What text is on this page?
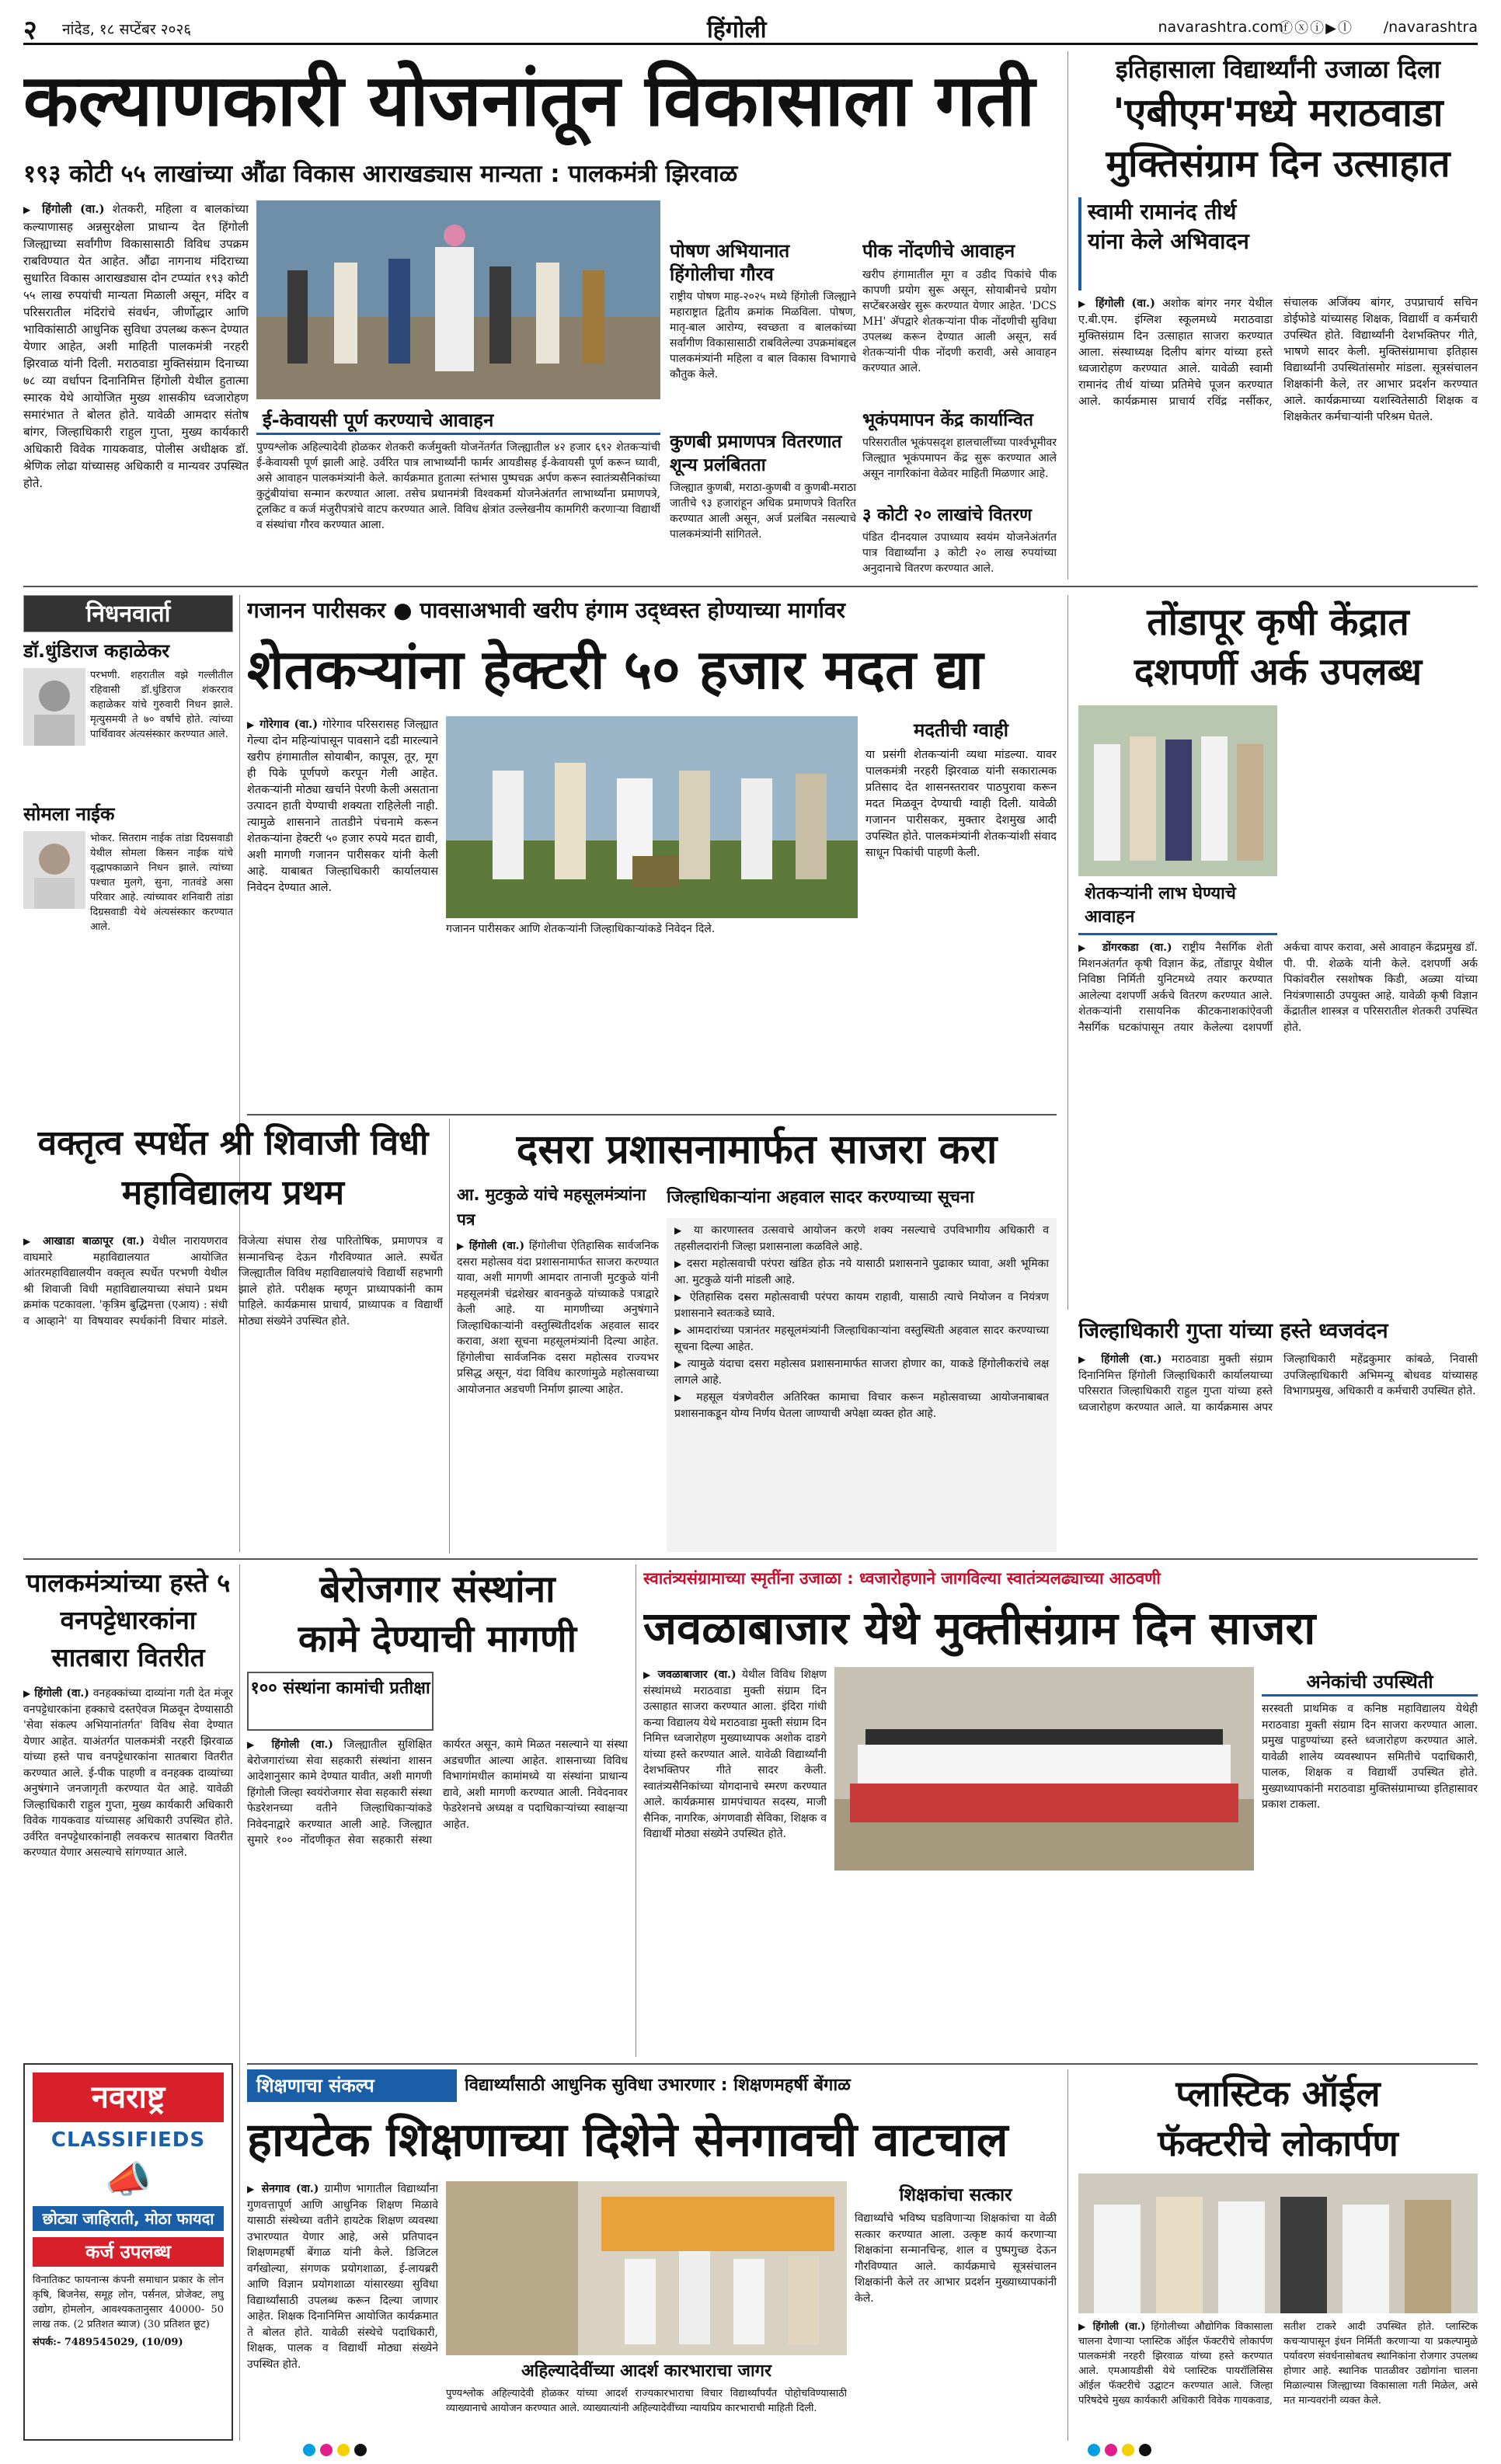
२ नांदेड, १८ सप्टेंबर २०२६	हिंगोली	navarashtra.com
ⓕⓧⓘ▶ⓛ /navarashtra
कल्याणकारी योजनांतून विकासाला गती
१९३ कोटी ५५ लाखांच्या औंढा विकास आराखड्यास मान्यता : पालकमंत्री झिरवाळ

▶ हिंगोली (वा.) शेतकरी, महिला व बालकांच्या कल्याणासह अन्नसुरक्षेला प्राधान्य देत हिंगोली जिल्ह्याच्या सर्वांगीण विकासासाठी विविध उपक्रम राबविण्यात येत आहेत. औंढा नागनाथ मंदिराच्या सुधारित विकास आराखड्यास दोन टप्प्यांत १९३ कोटी ५५ लाख रुपयांची मान्यता मिळाली असून, मंदिर व परिसरातील मंदिरांचे संवर्धन, जीर्णोद्धार आणि भाविकांसाठी आधुनिक सुविधा उपलब्ध करून देण्यात येणार आहेत, अशी माहिती पालकमंत्री नरहरी झिरवाळ यांनी दिली. मराठवाडा मुक्तिसंग्राम दिनाच्या ७८ व्या वर्धापन दिनानिमित्त हिंगोली येथील हुतात्मा स्मारक येथे आयोजित मुख्य शासकीय ध्वजारोहण समारंभात ते बोलत होते. यावेळी आमदार संतोष बांगर, जिल्हाधिकारी राहुल गुप्ता, मुख्य कार्यकारी अधिकारी विवेक गायकवाड, पोलीस अधीक्षक डॉ. श्रेणिक लोढा यांच्यासह अधिकारी व मान्यवर उपस्थित होते.

ई-केवायसी पूर्ण करण्याचे आवाहन
पुण्यश्लोक अहिल्यादेवी होळकर शेतकरी कर्जमुक्ती योजनेंतर्गत जिल्ह्यातील ४२ हजार ६९२ शेतकऱ्यांची ई-केवायसी पूर्ण झाली आहे. उर्वरित पात्र लाभार्थ्यांनी फार्मर आयडीसह ई-केवायसी पूर्ण करून घ्यावी, असे आवाहन पालकमंत्र्यांनी केले. कार्यक्रमात हुतात्मा स्तंभास पुष्पचक्र अर्पण करून स्वातंत्र्यसैनिकांच्या कुटुंबीयांचा सन्मान करण्यात आला. तसेच प्रधानमंत्री विश्वकर्मा योजनेअंतर्गत लाभार्थ्यांना प्रमाणपत्रे, टूलकिट व कर्ज मंजुरीपत्रांचे वाटप करण्यात आले. विविध क्षेत्रांत उल्लेखनीय कामगिरी करणाऱ्या विद्यार्थी व संस्थांचा गौरव करण्यात आला.
पोषण अभियानात हिंगोलीचा गौरव
राष्ट्रीय पोषण माह-२०२५ मध्ये हिंगोली जिल्ह्याने महाराष्ट्रात द्वितीय क्रमांक मिळविला. पोषण, मातृ-बाल आरोग्य, स्वच्छता व बालकांच्या सर्वांगीण विकासासाठी राबविलेल्या उपक्रमांबद्दल पालकमंत्र्यांनी महिला व बाल विकास विभागाचे कौतुक केले.
पीक नोंदणीचे आवाहन
खरीप हंगामातील मूग व उडीद पिकांचे पीक कापणी प्रयोग सुरू असून, सोयाबीनचे प्रयोग सप्टेंबरअखेर सुरू करण्यात येणार आहेत. 'DCS MH' ॲपद्वारे शेतकऱ्यांना पीक नोंदणीची सुविधा उपलब्ध करून देण्यात आली असून, सर्व शेतकऱ्यांनी पीक नोंदणी करावी, असे आवाहन करण्यात आले.
कुणबी प्रमाणपत्र वितरणात शून्य प्रलंबितता
जिल्ह्यात कुणबी, मराठा-कुणबी व कुणबी-मराठा जातीचे ९३ हजारांहून अधिक प्रमाणपत्रे वितरित करण्यात आली असून, अर्ज प्रलंबित नसल्याचे पालकमंत्र्यांनी सांगितले.
भूकंपमापन केंद्र कार्यान्वित
परिसरातील भूकंपसदृश हालचालींच्या पार्श्वभूमीवर जिल्ह्यात भूकंपमापन केंद्र सुरू करण्यात आले असून नागरिकांना वेळेवर माहिती मिळणार आहे.
३ कोटी २० लाखांचे वितरण
पंडित दीनदयाल उपाध्याय स्वयंम योजनेअंतर्गत पात्र विद्यार्थ्यांना ३ कोटी २० लाख रुपयांच्या अनुदानाचे वितरण करण्यात आले.
इतिहासाला विद्यार्थ्यांनी उजाळा दिला
'एबीएम'मध्ये मराठवाडा
मुक्तिसंग्राम दिन उत्साहात
स्वामी रामानंद तीर्थ यांना केले अभिवादन

▶ हिंगोली (वा.) अशोक बांगर नगर येथील ए.बी.एम. इंग्लिश स्कूलमध्ये मराठवाडा मुक्तिसंग्राम दिन उत्साहात साजरा करण्यात आला. संस्थाध्यक्ष दिलीप बांगर यांच्या हस्ते ध्वजारोहण करण्यात आले. यावेळी स्वामी रामानंद तीर्थ यांच्या प्रतिमेचे पूजन करण्यात आले. कार्यक्रमास प्राचार्य रविंद्र नर्सीकर, संचालक अजिंक्य बांगर, उपप्राचार्य सचिन डोईफोडे यांच्यासह शिक्षक, विद्यार्थी व कर्मचारी उपस्थित होते. विद्यार्थ्यांनी देशभक्तिपर गीते, भाषणे सादर केली. मुक्तिसंग्रामाचा इतिहास विद्यार्थ्यांनी उपस्थितांसमोर मांडला. सूत्रसंचालन शिक्षकांनी केले, तर आभार प्रदर्शन करण्यात आले. कार्यक्रमाच्या यशस्वितेसाठी शिक्षक व शिक्षकेतर कर्मचाऱ्यांनी परिश्रम घेतले.

निधनवार्ता
डॉ.धुंडिराज कहाळेकर
परभणी. शहरातील वझे गल्लीतील रहिवासी डॉ.धुंडिराज शंकरराव कहाळेकर यांचे गुरुवारी निधन झाले. मृत्युसमयी ते ७० वर्षांचे होते. त्यांच्या पार्थिवावर अंत्यसंस्कार करण्यात आले.
सोमला नाईक
भोकर. सितराम नाईक तांडा दिग्रसवाडी येथील सोमला किसन नाईक यांचे वृद्धापकाळाने निधन झाले. त्यांच्या पश्चात मुलगे, सुना, नातवंडे असा परिवार आहे. त्यांच्यावर शनिवारी तांडा दिग्रसवाडी येथे अंत्यसंस्कार करण्यात आले.
गजानन पारीसकर ● पावसाअभावी खरीप हंगाम उद्ध्वस्त होण्याच्या मार्गावर
शेतकऱ्यांना हेक्टरी ५० हजार मदत द्या

▶ गोरेगाव (वा.) गोरेगाव परिसरासह जिल्ह्यात गेल्या दोन महिन्यांपासून पावसाने दडी मारल्याने खरीप हंगामातील सोयाबीन, कापूस, तूर, मूग ही पिके पूर्णपणे करपून गेली आहेत. शेतकऱ्यांनी मोठ्या खर्चाने पेरणी केली असताना उत्पादन हाती येण्याची शक्यता राहिलेली नाही. त्यामुळे शासनाने तातडीने पंचनामे करून शेतकऱ्यांना हेक्टरी ५० हजार रुपये मदत द्यावी, अशी मागणी गजानन पारीसकर यांनी केली आहे. याबाबत जिल्हाधिकारी कार्यालयास निवेदन देण्यात आले.

गजानन पारीसकर आणि शेतकऱ्यांनी जिल्हाधिकाऱ्यांकडे निवेदन दिले.
मदतीची ग्वाही
या प्रसंगी शेतकऱ्यांनी व्यथा मांडल्या. यावर पालकमंत्री नरहरी झिरवाळ यांनी सकारात्मक प्रतिसाद देत शासनस्तरावर पाठपुरावा करून मदत मिळवून देण्याची ग्वाही दिली. यावेळी गजानन पारीसकर, मुक्तार देशमुख आदी उपस्थित होते. पालकमंत्र्यांनी शेतकऱ्यांशी संवाद साधून पिकांची पाहणी केली.
तोंडापूर कृषी केंद्रात
दशपर्णी अर्क उपलब्ध
शेतकऱ्यांनी लाभ घेण्याचे आवाहन

▶ डोंगरकडा (वा.) राष्ट्रीय नैसर्गिक शेती मिशनअंतर्गत कृषी विज्ञान केंद्र, तोंडापूर येथील निविष्ठा निर्मिती युनिटमध्ये तयार करण्यात आलेल्या दशपर्णी अर्कचे वितरण करण्यात आले. शेतकऱ्यांनी रासायनिक कीटकनाशकांऐवजी नैसर्गिक घटकांपासून तयार केलेल्या दशपर्णी अर्कचा वापर करावा, असे आवाहन केंद्रप्रमुख डॉ. पी. पी. शेळके यांनी केले. दशपर्णी अर्क पिकांवरील रसशोषक किडी, अळ्या यांच्या नियंत्रणासाठी उपयुक्त आहे. यावेळी कृषी विज्ञान केंद्रातील शास्त्रज्ञ व परिसरातील शेतकरी उपस्थित होते.

वक्तृत्व स्पर्धेत श्री शिवाजी विधी महाविद्यालय प्रथम

▶ आखाडा बाळापूर (वा.) येथील नारायणराव वाघमारे महाविद्यालयात आयोजित आंतरमहाविद्यालयीन वक्तृत्व स्पर्धेत परभणी येथील श्री शिवाजी विधी महाविद्यालयाच्या संघाने प्रथम क्रमांक पटकावला. 'कृत्रिम बुद्धिमत्ता (एआय) : संधी व आव्हाने' या विषयावर स्पर्धकांनी विचार मांडले. विजेत्या संघास रोख पारितोषिक, प्रमाणपत्र व सन्मानचिन्ह देऊन गौरविण्यात आले. स्पर्धेत जिल्ह्यातील विविध महाविद्यालयांचे विद्यार्थी सहभागी झाले होते. परीक्षक म्हणून प्राध्यापकांनी काम पाहिले. कार्यक्रमास प्राचार्य, प्राध्यापक व विद्यार्थी मोठ्या संख्येने उपस्थित होते.

दसरा प्रशासनामार्फत साजरा करा
आ. मुटकुळे यांचे महसूलमंत्र्यांना पत्र
जिल्हाधिकाऱ्यांना अहवाल सादर करण्याच्या सूचना

▶ हिंगोली (वा.) हिंगोलीचा ऐतिहासिक सार्वजनिक दसरा महोत्सव यंदा प्रशासनामार्फत साजरा करण्यात यावा, अशी मागणी आमदार तानाजी मुटकुळे यांनी महसूलमंत्री चंद्रशेखर बावनकुळे यांच्याकडे पत्राद्वारे केली आहे. या मागणीच्या अनुषंगाने जिल्हाधिकाऱ्यांनी वस्तुस्थितीदर्शक अहवाल सादर करावा, अशा सूचना महसूलमंत्र्यांनी दिल्या आहेत. हिंगोलीचा सार्वजनिक दसरा महोत्सव राज्यभर प्रसिद्ध असून, यंदा विविध कारणांमुळे महोत्सवाच्या आयोजनात अडचणी निर्माण झाल्या आहेत.

▶ या कारणास्तव उत्सवाचे आयोजन करणे शक्य नसल्याचे उपविभागीय अधिकारी व तहसीलदारांनी जिल्हा प्रशासनाला कळविले आहे.

▶ दसरा महोत्सवाची परंपरा खंडित होऊ नये यासाठी प्रशासनाने पुढाकार घ्यावा, अशी भूमिका आ. मुटकुळे यांनी मांडली आहे.

▶ ऐतिहासिक दसरा महोत्सवाची परंपरा कायम राहावी, यासाठी त्याचे नियोजन व नियंत्रण प्रशासनाने स्वतःकडे घ्यावे.

▶ आमदारांच्या पत्रानंतर महसूलमंत्र्यांनी जिल्हाधिकाऱ्यांना वस्तुस्थिती अहवाल सादर करण्याच्या सूचना दिल्या आहेत.

▶ त्यामुळे यंदाचा दसरा महोत्सव प्रशासनामार्फत साजरा होणार का, याकडे हिंगोलीकरांचे लक्ष लागले आहे.

▶ महसूल यंत्रणेवरील अतिरिक्त कामाचा विचार करून महोत्सवाच्या आयोजनाबाबत प्रशासनाकडून योग्य निर्णय घेतला जाण्याची अपेक्षा व्यक्त होत आहे.

जिल्हाधिकारी गुप्ता यांच्या हस्ते ध्वजवंदन

▶ हिंगोली (वा.) मराठवाडा मुक्ती संग्राम दिनानिमित्त हिंगोली जिल्हाधिकारी कार्यालयाच्या परिसरात जिल्हाधिकारी राहुल गुप्ता यांच्या हस्ते ध्वजारोहण करण्यात आले. या कार्यक्रमास अपर जिल्हाधिकारी महेंद्रकुमार कांबळे, निवासी उपजिल्हाधिकारी अभिमन्यू बोधवड यांच्यासह विभागप्रमुख, अधिकारी व कर्मचारी उपस्थित होते.

पालकमंत्र्यांच्या हस्ते ५ वनपट्टेधारकांना सातबारा वितरीत

▶ हिंगोली (वा.) वनहक्कांच्या दाव्यांना गती देत मंजूर वनपट्टेधारकांना हक्काचे दस्तऐवज मिळवून देण्यासाठी 'सेवा संकल्प अभियानांतर्गत' विविध सेवा देण्यात येणार आहेत. याअंतर्गत पालकमंत्री नरहरी झिरवाळ यांच्या हस्ते पाच वनपट्टेधारकांना सातबारा वितरीत करण्यात आले. ई-पीक पाहणी व वनहक्क दाव्यांच्या अनुषंगाने जनजागृती करण्यात येत आहे. यावेळी जिल्हाधिकारी राहुल गुप्ता, मुख्य कार्यकारी अधिकारी विवेक गायकवाड यांच्यासह अधिकारी उपस्थित होते. उर्वरित वनपट्टेधारकांनाही लवकरच सातबारा वितरीत करण्यात येणार असल्याचे सांगण्यात आले.

बेरोजगार संस्थांना
कामे देण्याची मागणी
१०० संस्थांना कामांची प्रतीक्षा

▶ हिंगोली (वा.) जिल्ह्यातील सुशिक्षित बेरोजगारांच्या सेवा सहकारी संस्थांना शासन आदेशानुसार कामे देण्यात यावीत, अशी मागणी हिंगोली जिल्हा स्वयंरोजगार सेवा सहकारी संस्था फेडरेशनच्या वतीने जिल्हाधिकाऱ्यांकडे निवेदनाद्वारे करण्यात आली आहे. जिल्ह्यात सुमारे १०० नोंदणीकृत सेवा सहकारी संस्था कार्यरत असून, कामे मिळत नसल्याने या संस्था अडचणीत आल्या आहेत. शासनाच्या विविध विभागांमधील कामांमध्ये या संस्थांना प्राधान्य द्यावे, अशी मागणी करण्यात आली. निवेदनावर फेडरेशनचे अध्यक्ष व पदाधिकाऱ्यांच्या स्वाक्षऱ्या आहेत.

स्वातंत्र्यसंग्रामाच्या स्मृतींना उजाळा : ध्वजारोहणाने जागविल्या स्वातंत्र्यलढ्याच्या आठवणी
जवळाबाजार येथे मुक्तीसंग्राम दिन साजरा

▶ जवळाबाजार (वा.) येथील विविध शिक्षण संस्थांमध्ये मराठवाडा मुक्ती संग्राम दिन उत्साहात साजरा करण्यात आला. इंदिरा गांधी कन्या विद्यालय येथे मराठवाडा मुक्ती संग्राम दिन निमित्त ध्वजारोहण मुख्याध्यापक अशोक दाडगे यांच्या हस्ते करण्यात आले. यावेळी विद्यार्थ्यांनी देशभक्तिपर गीते सादर केली. स्वातंत्र्यसैनिकांच्या योगदानाचे स्मरण करण्यात आले. कार्यक्रमास ग्रामपंचायत सदस्य, माजी सैनिक, नागरिक, अंगणवाडी सेविका, शिक्षक व विद्यार्थी मोठ्या संख्येने उपस्थित होते.

अनेकांची उपस्थिती
सरस्वती प्राथमिक व कनिष्ठ महाविद्यालय येथेही मराठवाडा मुक्ती संग्राम दिन साजरा करण्यात आला. प्रमुख पाहुण्यांच्या हस्ते ध्वजारोहण करण्यात आले. यावेळी शालेय व्यवस्थापन समितीचे पदाधिकारी, पालक, शिक्षक व विद्यार्थी उपस्थित होते. मुख्याध्यापकांनी मराठवाडा मुक्तिसंग्रामाच्या इतिहासावर प्रकाश टाकला.
नवराष्ट्र
CLASSIFIEDS
📣
छोट्या जाहिराती, मोठा फायदा
कर्ज उपलब्ध
विनातिकट फायनान्स कंपनी समाधान प्रकार के लोन कृषि, बिजनेस, समूह लोन, पर्सनल, प्रोजेक्ट, लघु उद्योग, होमलोन, आवश्यकतानुसार 40000- 50 लाख तक. (2 प्रतिशत ब्याज) (30 प्रतिशत छूट)
संपर्क:- 7489545029, (10/09)
शिक्षणाचा संकल्प	विद्यार्थ्यांसाठी आधुनिक सुविधा उभारणार : शिक्षणमहर्षी बेंगाळ
हायटेक शिक्षणाच्या दिशेने सेनगावची वाटचाल

▶ सेनगाव (वा.) ग्रामीण भागातील विद्यार्थ्यांना गुणवत्तापूर्ण आणि आधुनिक शिक्षण मिळावे यासाठी संस्थेच्या वतीने हायटेक शिक्षण व्यवस्था उभारण्यात येणार आहे, असे प्रतिपादन शिक्षणमहर्षी बेंगाळ यांनी केले. डिजिटल वर्गखोल्या, संगणक प्रयोगशाळा, ई-लायब्ररी आणि विज्ञान प्रयोगशाळा यांसारख्या सुविधा विद्यार्थ्यांसाठी उपलब्ध करून दिल्या जाणार आहेत. शिक्षक दिनानिमित्त आयोजित कार्यक्रमात ते बोलत होते. यावेळी संस्थेचे पदाधिकारी, शिक्षक, पालक व विद्यार्थी मोठ्या संख्येने उपस्थित होते.	अहिल्यादेवींच्या आदर्श कारभाराचा जागर
पुण्यश्लोक अहिल्यादेवी होळकर यांच्या आदर्श राज्यकारभाराचा विचार विद्यार्थ्यांपर्यंत पोहोचविण्यासाठी व्याख्यानाचे आयोजन करण्यात आले. व्याख्यात्यांनी अहिल्यादेवींच्या न्यायप्रिय कारभाराची माहिती दिली.
शिक्षकांचा सत्कार
विद्यार्थ्यांचे भविष्य घडविणाऱ्या शिक्षकांचा या वेळी सत्कार करण्यात आला. उत्कृष्ट कार्य करणाऱ्या शिक्षकांना सन्मानचिन्ह, शाल व पुष्पगुच्छ देऊन गौरविण्यात आले. कार्यक्रमाचे सूत्रसंचालन शिक्षकांनी केले तर आभार प्रदर्शन मुख्याध्यापकांनी केले.
प्लास्टिक ऑईल
फॅक्टरीचे लोकार्पण

▶ हिंगोली (वा.) हिंगोलीच्या औद्योगिक विकासाला चालना देणाऱ्या प्लास्टिक ऑईल फॅक्टरीचे लोकार्पण पालकमंत्री नरहरी झिरवाळ यांच्या हस्ते करण्यात आले. एमआयडीसी येथे प्लास्टिक पायरॉलिसिस ऑईल फॅक्टरीचे उद्घाटन करण्यात आले. जिल्हा परिषदेचे मुख्य कार्यकारी अधिकारी विवेक गायकवाड, सतीश टाकरे आदी उपस्थित होते. प्लास्टिक कचऱ्यापासून इंधन निर्मिती करणाऱ्या या प्रकल्पामुळे पर्यावरण संवर्धनासोबतच स्थानिकांना रोजगार उपलब्ध होणार आहे. स्थानिक पातळीवर उद्योगांना चालना मिळाल्यास जिल्ह्याच्या विकासाला गती मिळेल, असे मत मान्यवरांनी व्यक्त केले.
